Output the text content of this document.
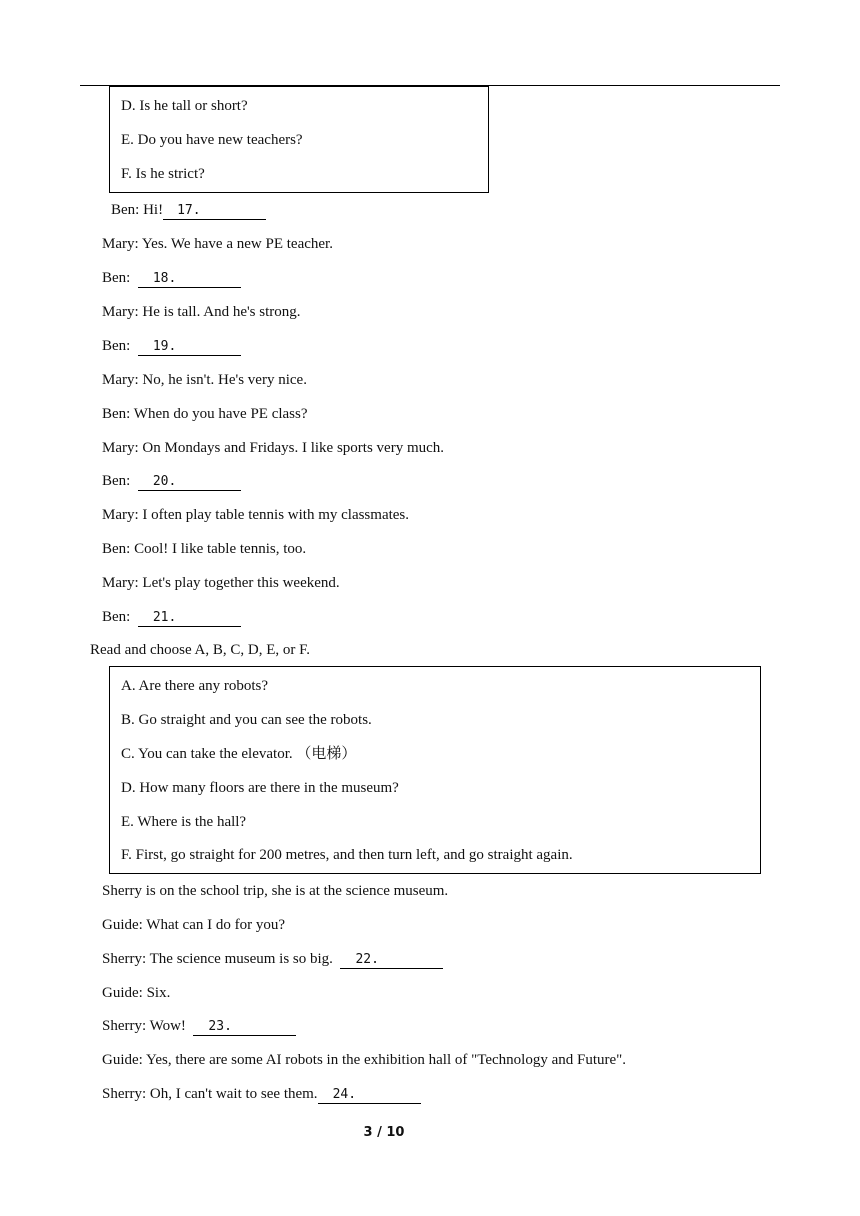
D. Is he tall or short?
E. Do you have new teachers?
F. Is he strict?
Ben: Hi! 17.
Mary: Yes. We have a new PE teacher.
Ben: 18.
Mary: He is tall. And he's strong.
Ben: 19.
Mary: No, he isn't. He's very nice.
Ben: When do you have PE class?
Mary: On Mondays and Fridays. I like sports very much.
Ben: 20.
Mary: I often play table tennis with my classmates.
Ben: Cool! I like table tennis, too.
Mary: Let's play together this weekend.
Ben: 21.
Read and choose A, B, C, D, E, or F.
A. Are there any robots?
B. Go straight and you can see the robots.
C. You can take the elevator. （电梯）
D. How many floors are there in the museum?
E. Where is the hall?
F. First, go straight for 200 metres, and then turn left, and go straight again.
Sherry is on the school trip, she is at the science museum.
Guide: What can I do for you?
Sherry: The science museum is so big. 22.
Guide: Six.
Sherry: Wow! 23.
Guide: Yes, there are some AI robots in the exhibition hall of "Technology and Future".
Sherry: Oh, I can't wait to see them. 24.
3 / 10
